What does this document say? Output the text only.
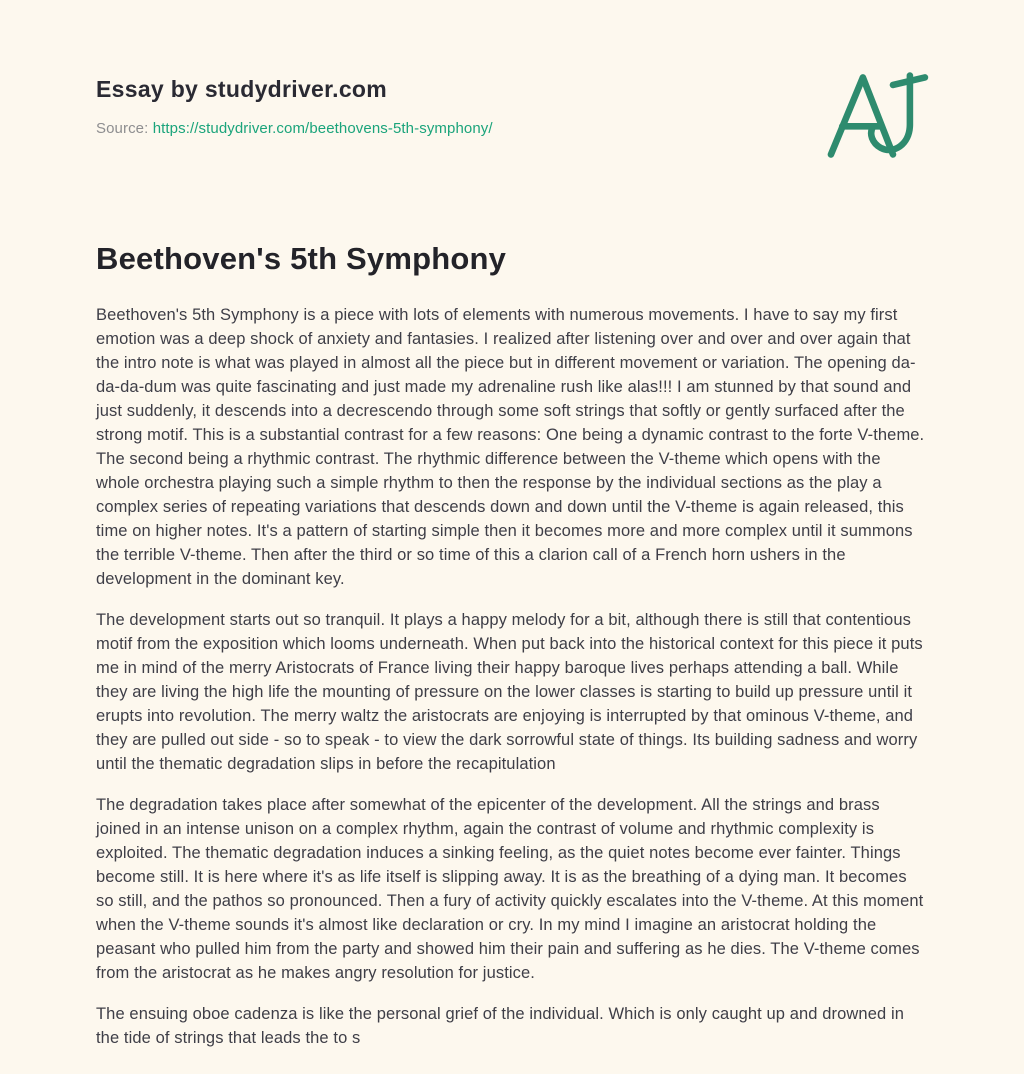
Essay by studydriver.com
Source: https://studydriver.com/beethovens-5th-symphony/
Beethoven's 5th Symphony

Beethoven's 5th Symphony is a piece with lots of elements with numerous movements. I have to say my first emotion was a deep shock of anxiety and fantasies. I realized after listening over and over and over again that the intro note is what was played in almost all the piece but in different movement or variation. The opening da-da-da-dum was quite fascinating and just made my adrenaline rush like alas!!! I am stunned by that sound and just suddenly, it descends into a decrescendo through some soft strings that softly or gently surfaced after the strong motif. This is a substantial contrast for a few reasons: One being a dynamic contrast to the forte V-theme. The second being a rhythmic contrast. The rhythmic difference between the V-theme which opens with the whole orchestra playing such a simple rhythm to then the response by the individual sections as the play a complex series of repeating variations that descends down and down until the V-theme is again released, this time on higher notes. It's a pattern of starting simple then it becomes more and more complex until it summons the terrible V-theme. Then after the third or so time of this a clarion call of a French horn ushers in the development in the dominant key.

The development starts out so tranquil. It plays a happy melody for a bit, although there is still that contentious motif from the exposition which looms underneath. When put back into the historical context for this piece it puts me in mind of the merry Aristocrats of France living their happy baroque lives perhaps attending a ball. While they are living the high life the mounting of pressure on the lower classes is starting to build up pressure until it erupts into revolution. The merry waltz the aristocrats are enjoying is interrupted by that ominous V-theme, and they are pulled out side - so to speak - to view the dark sorrowful state of things. Its building sadness and worry until the thematic degradation slips in before the recapitulation

The degradation takes place after somewhat of the epicenter of the development. All the strings and brass joined in an intense unison on a complex rhythm, again the contrast of volume and rhythmic complexity is exploited. The thematic degradation induces a sinking feeling, as the quiet notes become ever fainter. Things become still. It is here where it's as life itself is slipping away. It is as the breathing of a dying man. It becomes so still, and the pathos so pronounced. Then a fury of activity quickly escalates into the V-theme. At this moment when the V-theme sounds it's almost like declaration or cry. In my mind I imagine an aristocrat holding the peasant who pulled him from the party and showed him their pain and suffering as he dies. The V-theme comes from the aristocrat as he makes angry resolution for justice.

The ensuing oboe cadenza is like the personal grief of the individual. Which is only caught up and drowned in the tide of strings that leads the to s
